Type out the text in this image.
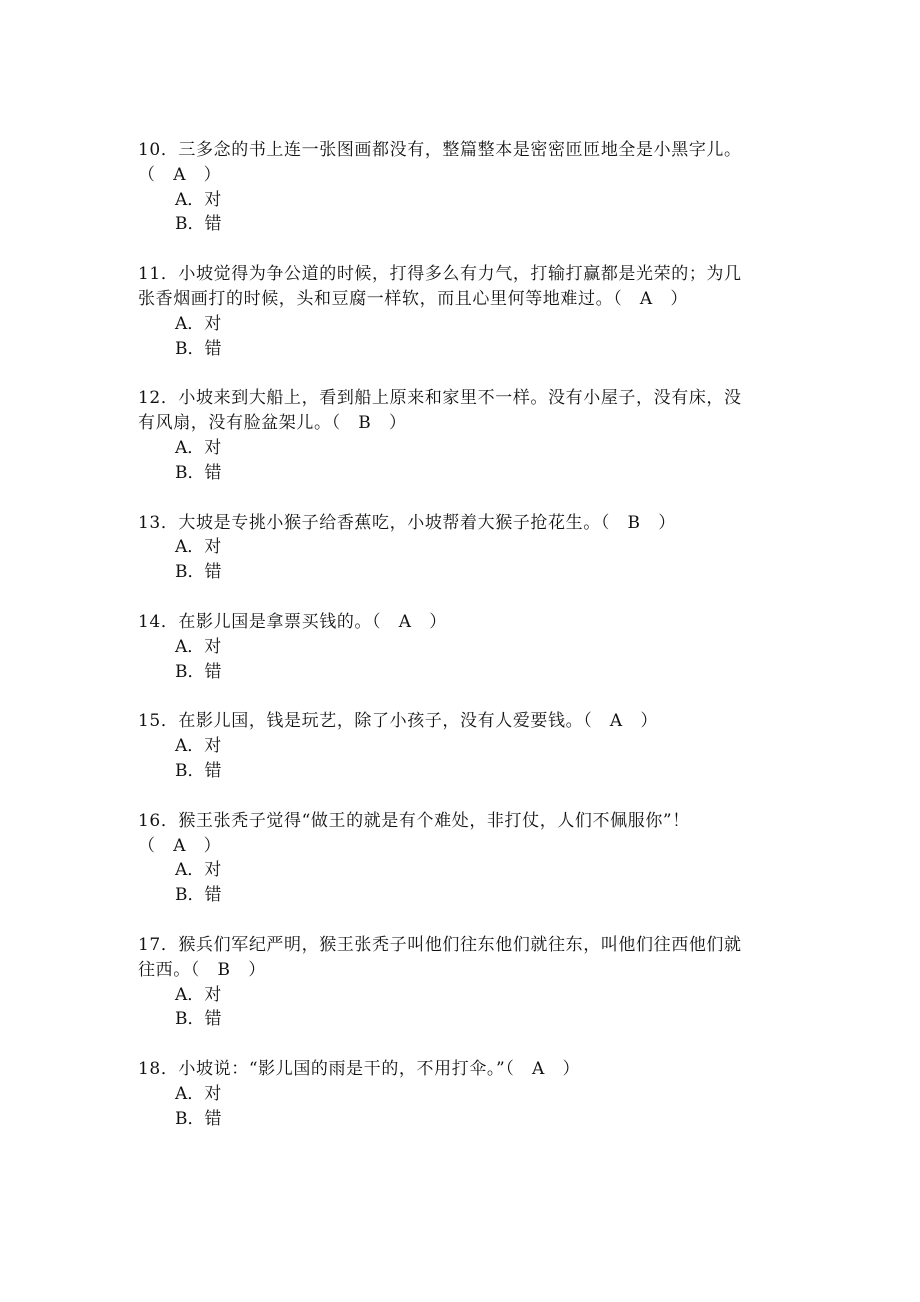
10．三多念的书上连一张图画都没有，整篇整本是密密匝匝地全是小黑字儿。
（　A　）
A．对
B．错
11．小坡觉得为争公道的时候，打得多么有力气，打输打赢都是光荣的；为几
张香烟画打的时候，头和豆腐一样软，而且心里何等地难过。（　A　）
A．对
B．错
12．小坡来到大船上，看到船上原来和家里不一样。没有小屋子，没有床，没
有风扇，没有脸盆架儿。（　B　）
A．对
B．错
13．大坡是专挑小猴子给香蕉吃，小坡帮着大猴子抢花生。（　B　）
A．对
B．错
14．在影儿国是拿票买钱的。（　A　）
A．对
B．错
15．在影儿国，钱是玩艺，除了小孩子，没有人爱要钱。（　A　）
A．对
B．错
16．猴王张秃子觉得“做王的就是有个难处，非打仗，人们不佩服你”！
（　A　）
A．对
B．错
17．猴兵们军纪严明，猴王张秃子叫他们往东他们就往东，叫他们往西他们就
往西。（　B　）
A．对
B．错
18．小坡说：“影儿国的雨是干的，不用打伞。”（　A　）
A．对
B．错
